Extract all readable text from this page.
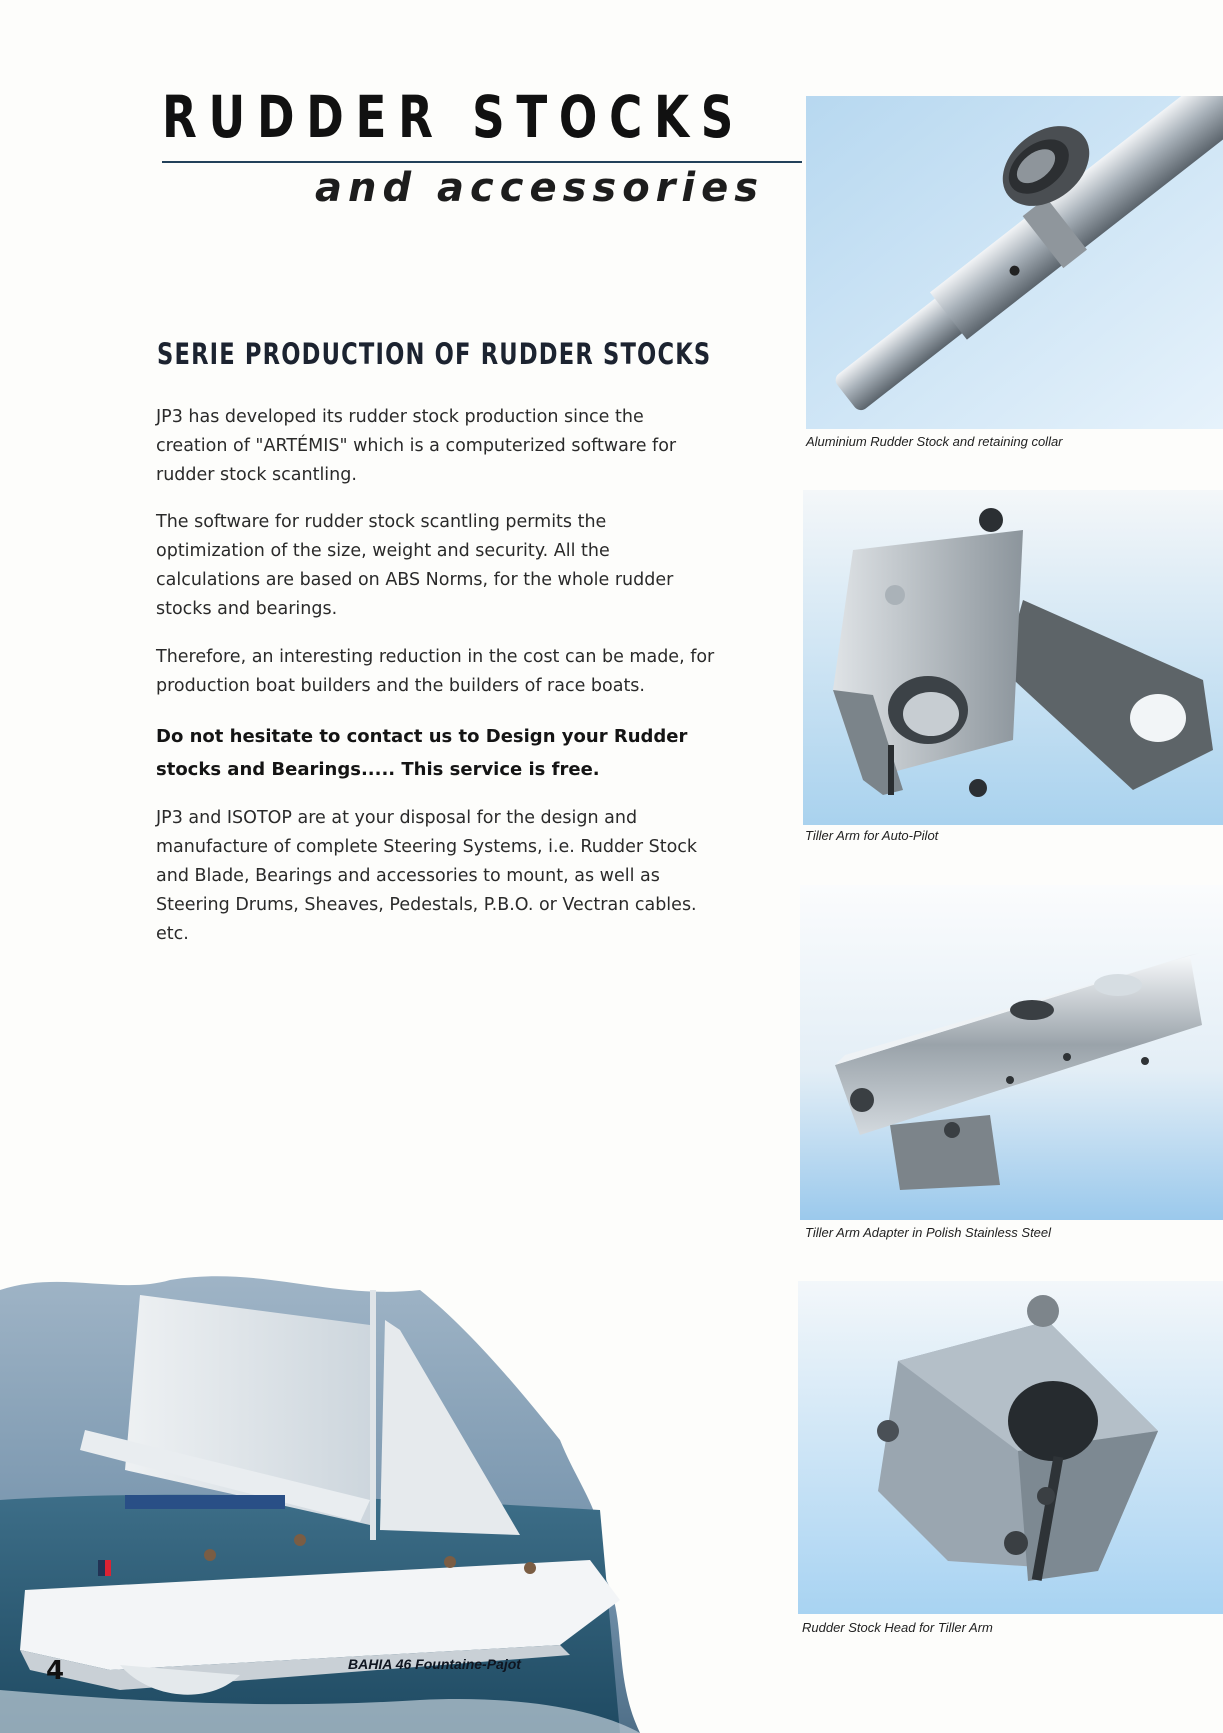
RUDDER STOCKS
and accessories
SERIE PRODUCTION OF RUDDER STOCKS

JP3 has developed its rudder stock production since the creation of "ARTÉMIS" which is a computerized software for rudder stock scantling.

The software for rudder stock scantling permits the optimization of the size, weight and security. All the calculations are based on ABS Norms, for the whole rudder stocks and bearings.

Therefore, an interesting reduction in the cost can be made, for production boat builders and the builders of race boats.

Do not hesitate to contact us to Design your Rudder stocks and Bearings..... This service is free.

JP3 and ISOTOP are at your disposal for the design and manufacture of complete Steering Systems, i.e. Rudder Stock and Blade, Bearings and accessories to mount, as well as Steering Drums, Sheaves, Pedestals, P.B.O. or Vectran cables. etc.

Aluminium Rudder Stock and retaining collar

Tiller Arm for Auto-Pilot

Tiller Arm Adapter in Polish Stainless Steel

Rudder Stock Head for Tiller Arm

4	BAHIA 46 Fountaine-Pajot
